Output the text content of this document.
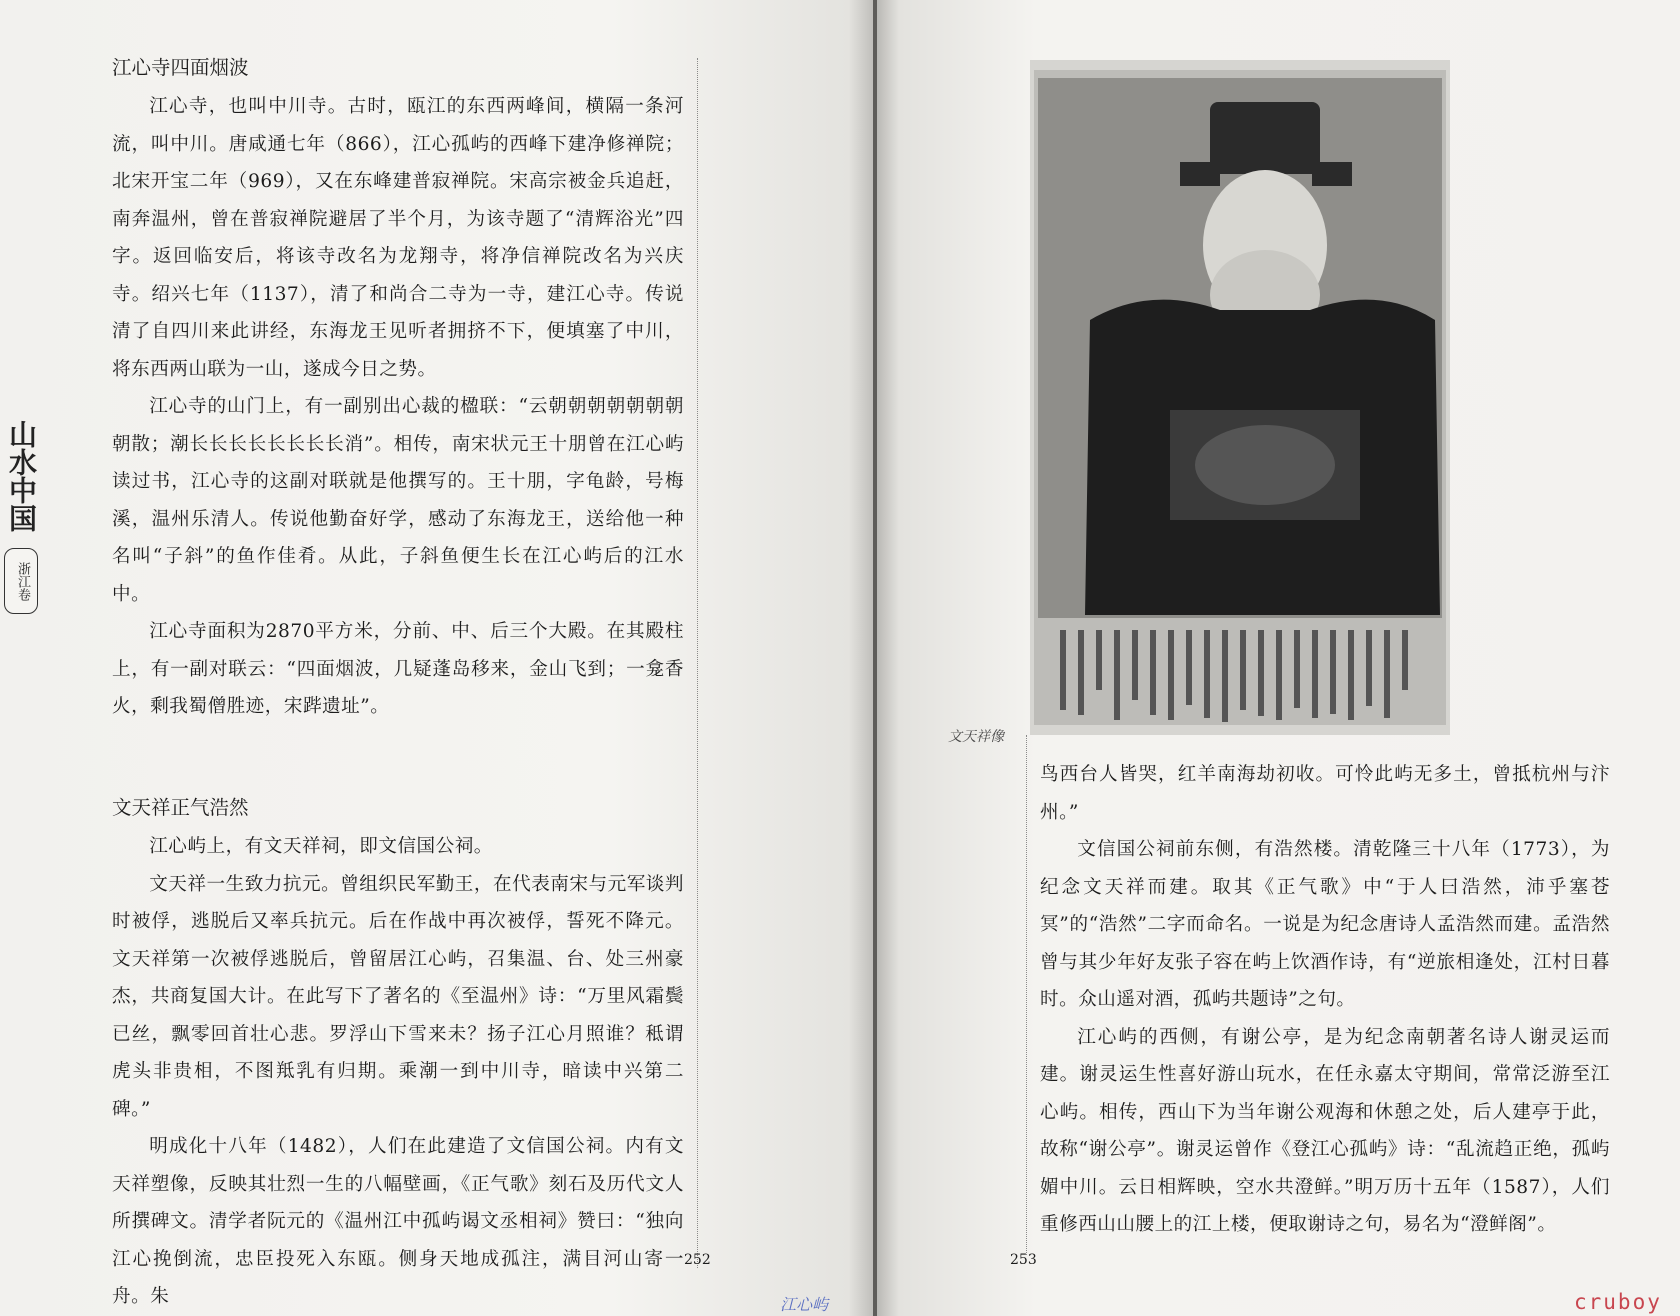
山水中国
浙江卷
江心寺四面烟波

江心寺，也叫中川寺。古时，瓯江的东西两峰间，横隔一条河流，叫中川。唐咸通七年（866），江心孤屿的西峰下建净修禅院；北宋开宝二年（969），又在东峰建普寂禅院。宋高宗被金兵追赶，南奔温州，曾在普寂禅院避居了半个月，为该寺题了“清辉浴光”四字。返回临安后，将该寺改名为龙翔寺，将净信禅院改名为兴庆寺。绍兴七年（1137），清了和尚合二寺为一寺，建江心寺。传说清了自四川来此讲经，东海龙王见听者拥挤不下，便填塞了中川，将东西两山联为一山，遂成今日之势。

江心寺的山门上，有一副别出心裁的楹联：“云朝朝朝朝朝朝朝朝散；潮长长长长长长长长消”。相传，南宋状元王十朋曾在江心屿读过书，江心寺的这副对联就是他撰写的。王十朋，字龟龄，号梅溪，温州乐清人。传说他勤奋好学，感动了东海龙王，送给他一种名叫“子斜”的鱼作佳肴。从此，子斜鱼便生长在江心屿后的江水中。

江心寺面积为2870平方米，分前、中、后三个大殿。在其殿柱上，有一副对联云：“四面烟波，几疑蓬岛移来，金山飞到；一龛香火，剩我蜀僧胜迹，宋跸遗址”。

文天祥正气浩然

江心屿上，有文天祥祠，即文信国公祠。

文天祥一生致力抗元。曾组织民军勤王，在代表南宋与元军谈判时被俘，逃脱后又率兵抗元。后在作战中再次被俘，誓死不降元。文天祥第一次被俘逃脱后，曾留居江心屿，召集温、台、处三州豪杰，共商复国大计。在此写下了著名的《至温州》诗：“万里风霜鬓已丝，飘零回首壮心悲。罗浮山下雪来未？扬子江心月照谁？秪谓虎头非贵相，不图羝乳有归期。乘潮一到中川寺，暗读中兴第二碑。”

明成化十八年（1482），人们在此建造了文信国公祠。内有文天祥塑像，反映其壮烈一生的八幅壁画，《正气歌》刻石及历代文人所撰碑文。清学者阮元的《温州江中孤屿谒文丞相祠》赞曰：“独向江心挽倒流，忠臣投死入东瓯。侧身天地成孤注，满目河山寄一舟。朱

252
文天祥像

鸟西台人皆哭，红羊南海劫初收。可怜此屿无多土，曾抵杭州与汴州。”

文信国公祠前东侧，有浩然楼。清乾隆三十八年（1773），为纪念文天祥而建。取其《正气歌》中“于人曰浩然，沛乎塞苍冥”的“浩然”二字而命名。一说是为纪念唐诗人孟浩然而建。孟浩然曾与其少年好友张子容在屿上饮酒作诗，有“逆旅相逢处，江村日暮时。众山遥对酒，孤屿共题诗”之句。

江心屿的西侧，有谢公亭，是为纪念南朝著名诗人谢灵运而建。谢灵运生性喜好游山玩水，在任永嘉太守期间，常常泛游至江心屿。相传，西山下为当年谢公观海和休憩之处，后人建亭于此，故称“谢公亭”。谢灵运曾作《登江心孤屿》诗：“乱流趋正绝，孤屿媚中川。云日相辉映，空水共澄鲜。”明万历十五年（1587），人们重修西山山腰上的江上楼，便取谢诗之句，易名为“澄鲜阁”。

253
江心屿	cruboy
